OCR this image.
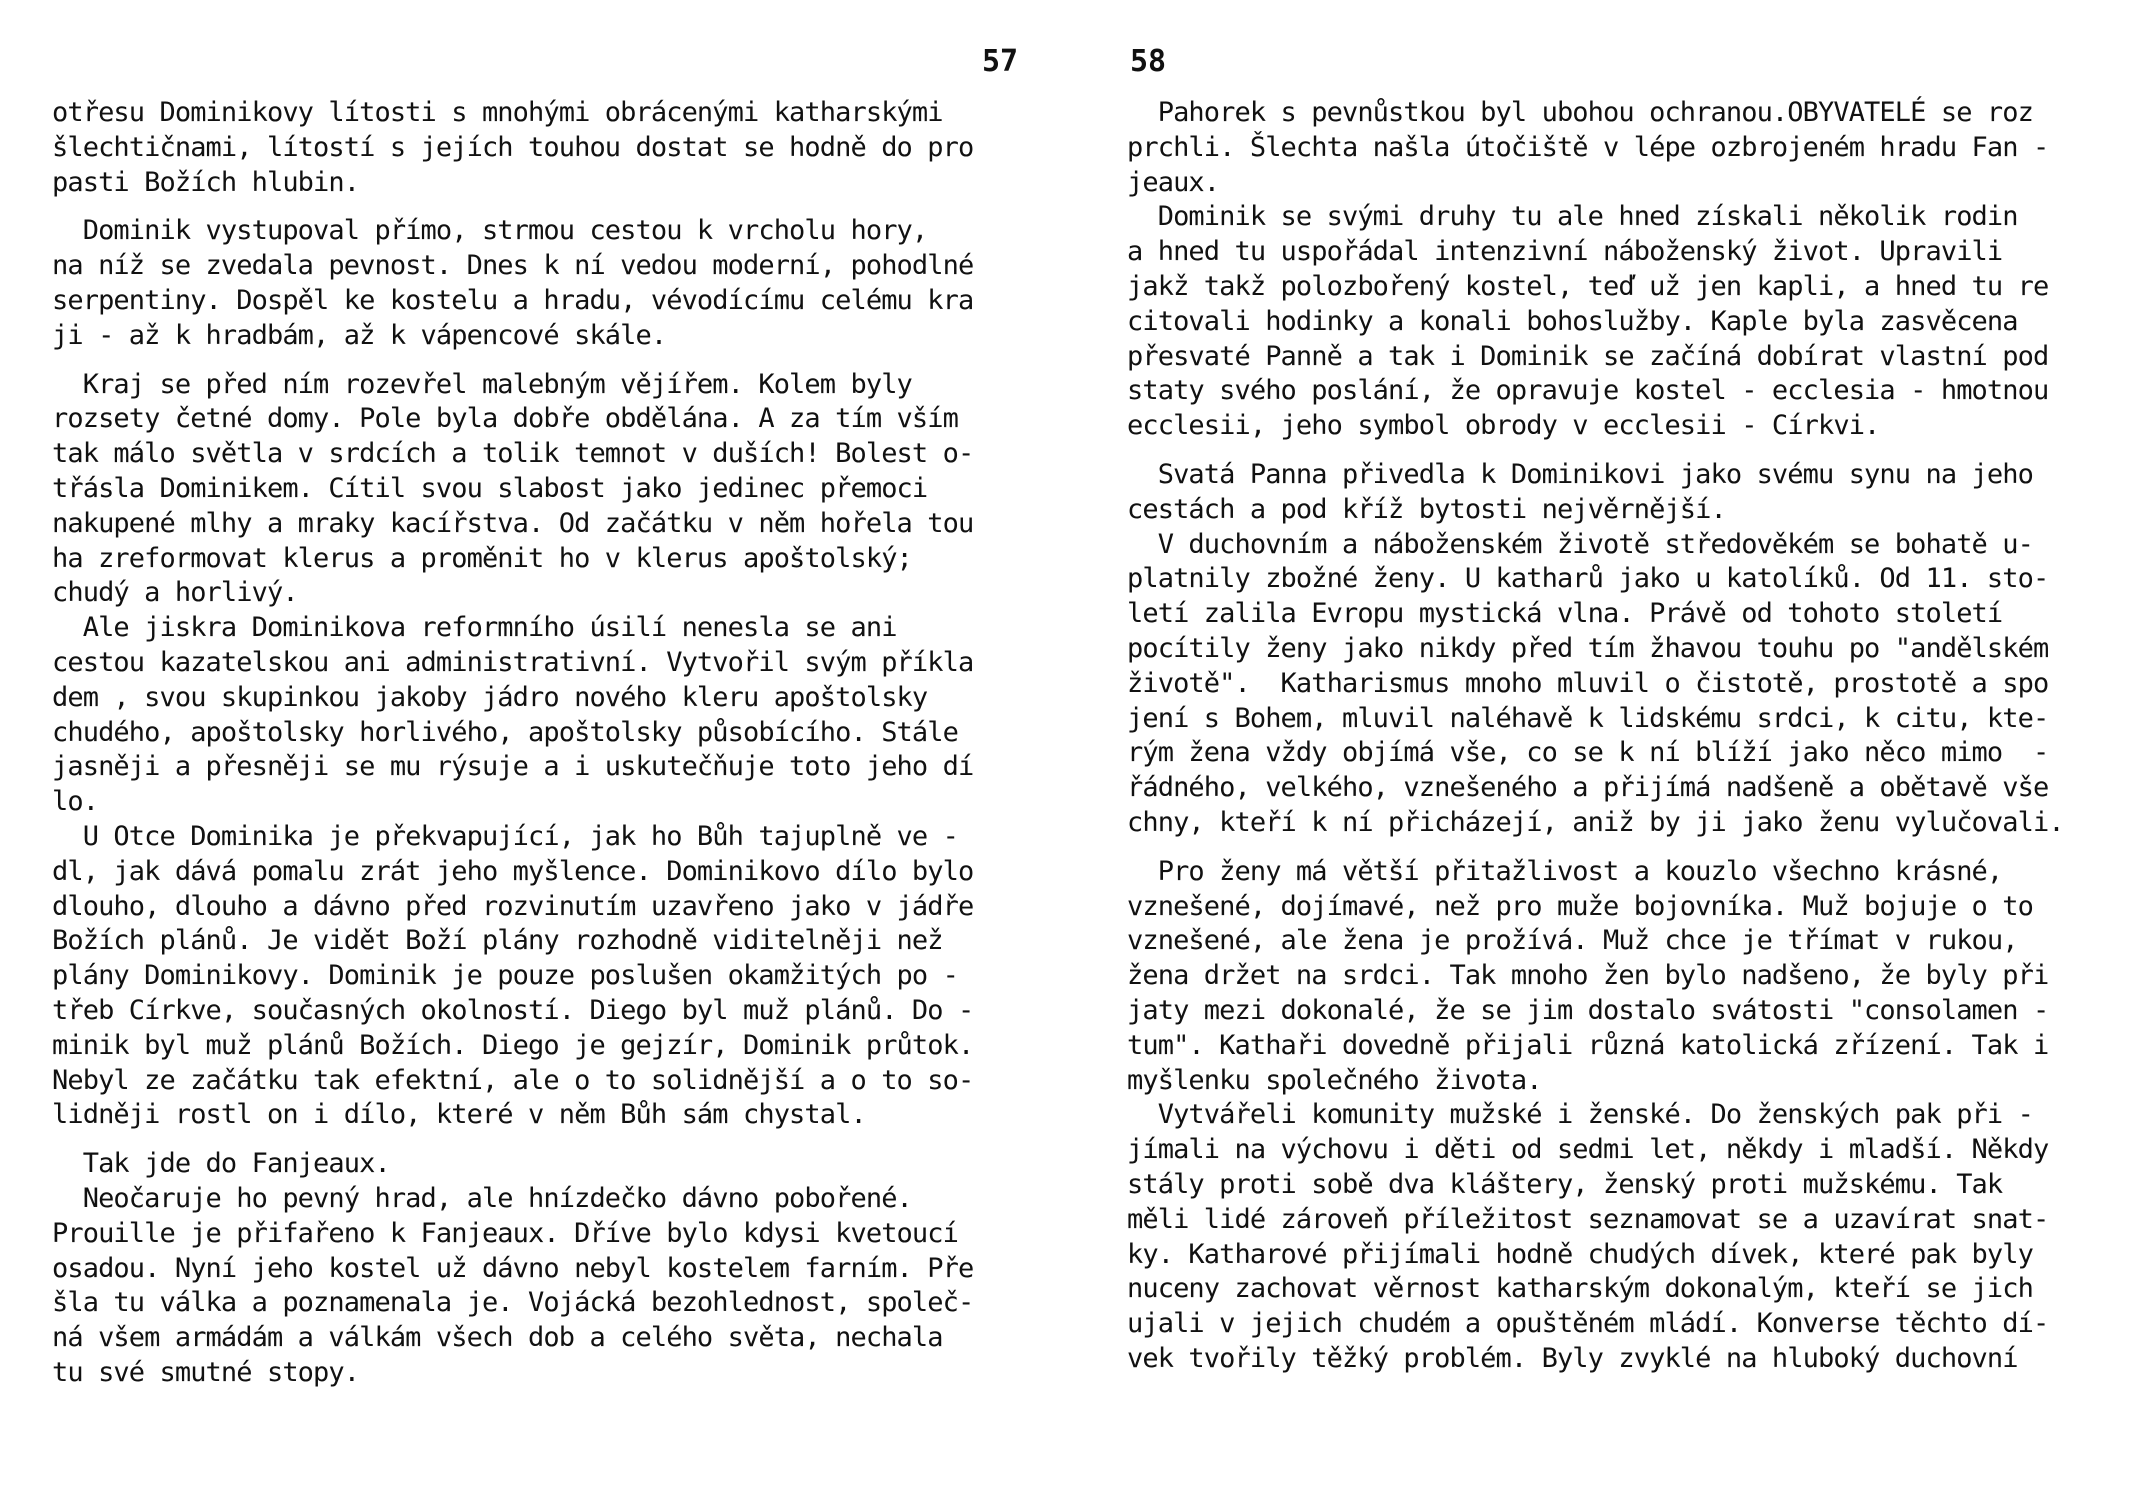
57
otřesu Dominikovy lítosti s mnohými obrácenými katharskými
šlechtičnami, lítostí s jejích touhou dostat se hodně do pro
pasti Božích hlubin.
Dominik vystupoval přímo, strmou cestou k vrcholu hory,
na níž se zvedala pevnost. Dnes k ní vedou moderní, pohodlné
serpentiny. Dospěl ke kostelu a hradu, vévodícímu celému kra
ji - až k hradbám, až k vápencové skále.
Kraj se před ním rozevřel malebným vějířem. Kolem byly
rozsety četné domy. Pole byla dobře obdělána. A za tím vším
tak málo světla v srdcích a tolik temnot v duších! Bolest o-
třásla Dominikem. Cítil svou slabost jako jedinec přemoci
nakupené mlhy a mraky kacířstva. Od začátku v něm hořela tou
ha zreformovat klerus a proměnit ho v klerus apoštolský;
chudý a horlivý.
Ale jiskra Dominikova reformního úsilí nenesla se ani
cestou kazatelskou ani administrativní. Vytvořil svým příkla
dem , svou skupinkou jakoby jádro nového kleru apoštolsky
chudého, apoštolsky horlivého, apoštolsky působícího. Stále
jasněji a přesněji se mu rýsuje a i uskutečňuje toto jeho dí
lo.
U Otce Dominika je překvapující, jak ho Bůh tajuplně ve -
dl, jak dává pomalu zrát jeho myšlence. Dominikovo dílo bylo
dlouho, dlouho a dávno před rozvinutím uzavřeno jako v jádře
Božích plánů. Je vidět Boží plány rozhodně viditelněji než
plány Dominikovy. Dominik je pouze poslušen okamžitých po -
třeb Církve, současných okolností. Diego byl muž plánů. Do -
minik byl muž plánů Božích. Diego je gejzír, Dominik průtok.
Nebyl ze začátku tak efektní, ale o to solidnější a o to so-
lidněji rostl on i dílo, které v něm Bůh sám chystal.
Tak jde do Fanjeaux.
Neočaruje ho pevný hrad, ale hnízdečko dávno pobořené.
Prouille je přifařeno k Fanjeaux. Dříve bylo kdysi kvetoucí
osadou. Nyní jeho kostel už dávno nebyl kostelem farním. Pře
šla tu válka a poznamenala je. Vojácká bezohlednost, společ-
ná všem armádám a válkám všech dob a celého světa, nechala
tu své smutné stopy.
58
Pahorek s pevnůstkou byl ubohou ochranou.OBYVATELÉ se roz
prchli. Šlechta našla útočiště v lépe ozbrojeném hradu Fan -
jeaux.
Dominik se svými druhy tu ale hned získali několik rodin
a hned tu uspořádal intenzivní náboženský život. Upravili
jakž takž polozbořený kostel, teď už jen kapli, a hned tu re
citovali hodinky a konali bohoslužby. Kaple byla zasvěcena
přesvaté Panně a tak i Dominik se začíná dobírat vlastní pod
staty svého poslání, že opravuje kostel - ecclesia - hmotnou
ecclesii, jeho symbol obrody v ecclesii - Církvi.
Svatá Panna přivedla k Dominikovi jako svému synu na jeho
cestách a pod kříž bytosti nejvěrnější.
V duchovním a náboženském životě středověkém se bohatě u-
platnily zbožné ženy. U katharů jako u katolíků. Od 11. sto-
letí zalila Evropu mystická vlna. Právě od tohoto století
pocítily ženy jako nikdy před tím žhavou touhu po "andělském
životě".  Katharismus mnoho mluvil o čistotě, prostotě a spo
jení s Bohem, mluvil naléhavě k lidskému srdci, k citu, kte-
rým žena vždy objímá vše, co se k ní blíží jako něco mimo  -
řádného, velkého, vznešeného a přijímá nadšeně a obětavě vše
chny, kteří k ní přicházejí, aniž by ji jako ženu vylučovali.
Pro ženy má větší přitažlivost a kouzlo všechno krásné,
vznešené, dojímavé, než pro muže bojovníka. Muž bojuje o to
vznešené, ale žena je prožívá. Muž chce je třímat v rukou,
žena držet na srdci. Tak mnoho žen bylo nadšeno, že byly při
jaty mezi dokonalé, že se jim dostalo svátosti "consolamen -
tum". Kathaři dovedně přijali různá katolická zřízení. Tak i
myšlenku společného života.
Vytvářeli komunity mužské i ženské. Do ženských pak při -
jímali na výchovu i děti od sedmi let, někdy i mladší. Někdy
stály proti sobě dva kláštery, ženský proti mužskému. Tak
měli lidé zároveň příležitost seznamovat se a uzavírat snat-
ky. Katharové přijímali hodně chudých dívek, které pak byly
nuceny zachovat věrnost katharským dokonalým, kteří se jich
ujali v jejich chudém a opuštěném mládí. Konverse těchto dí-
vek tvořily těžký problém. Byly zvyklé na hluboký duchovní
